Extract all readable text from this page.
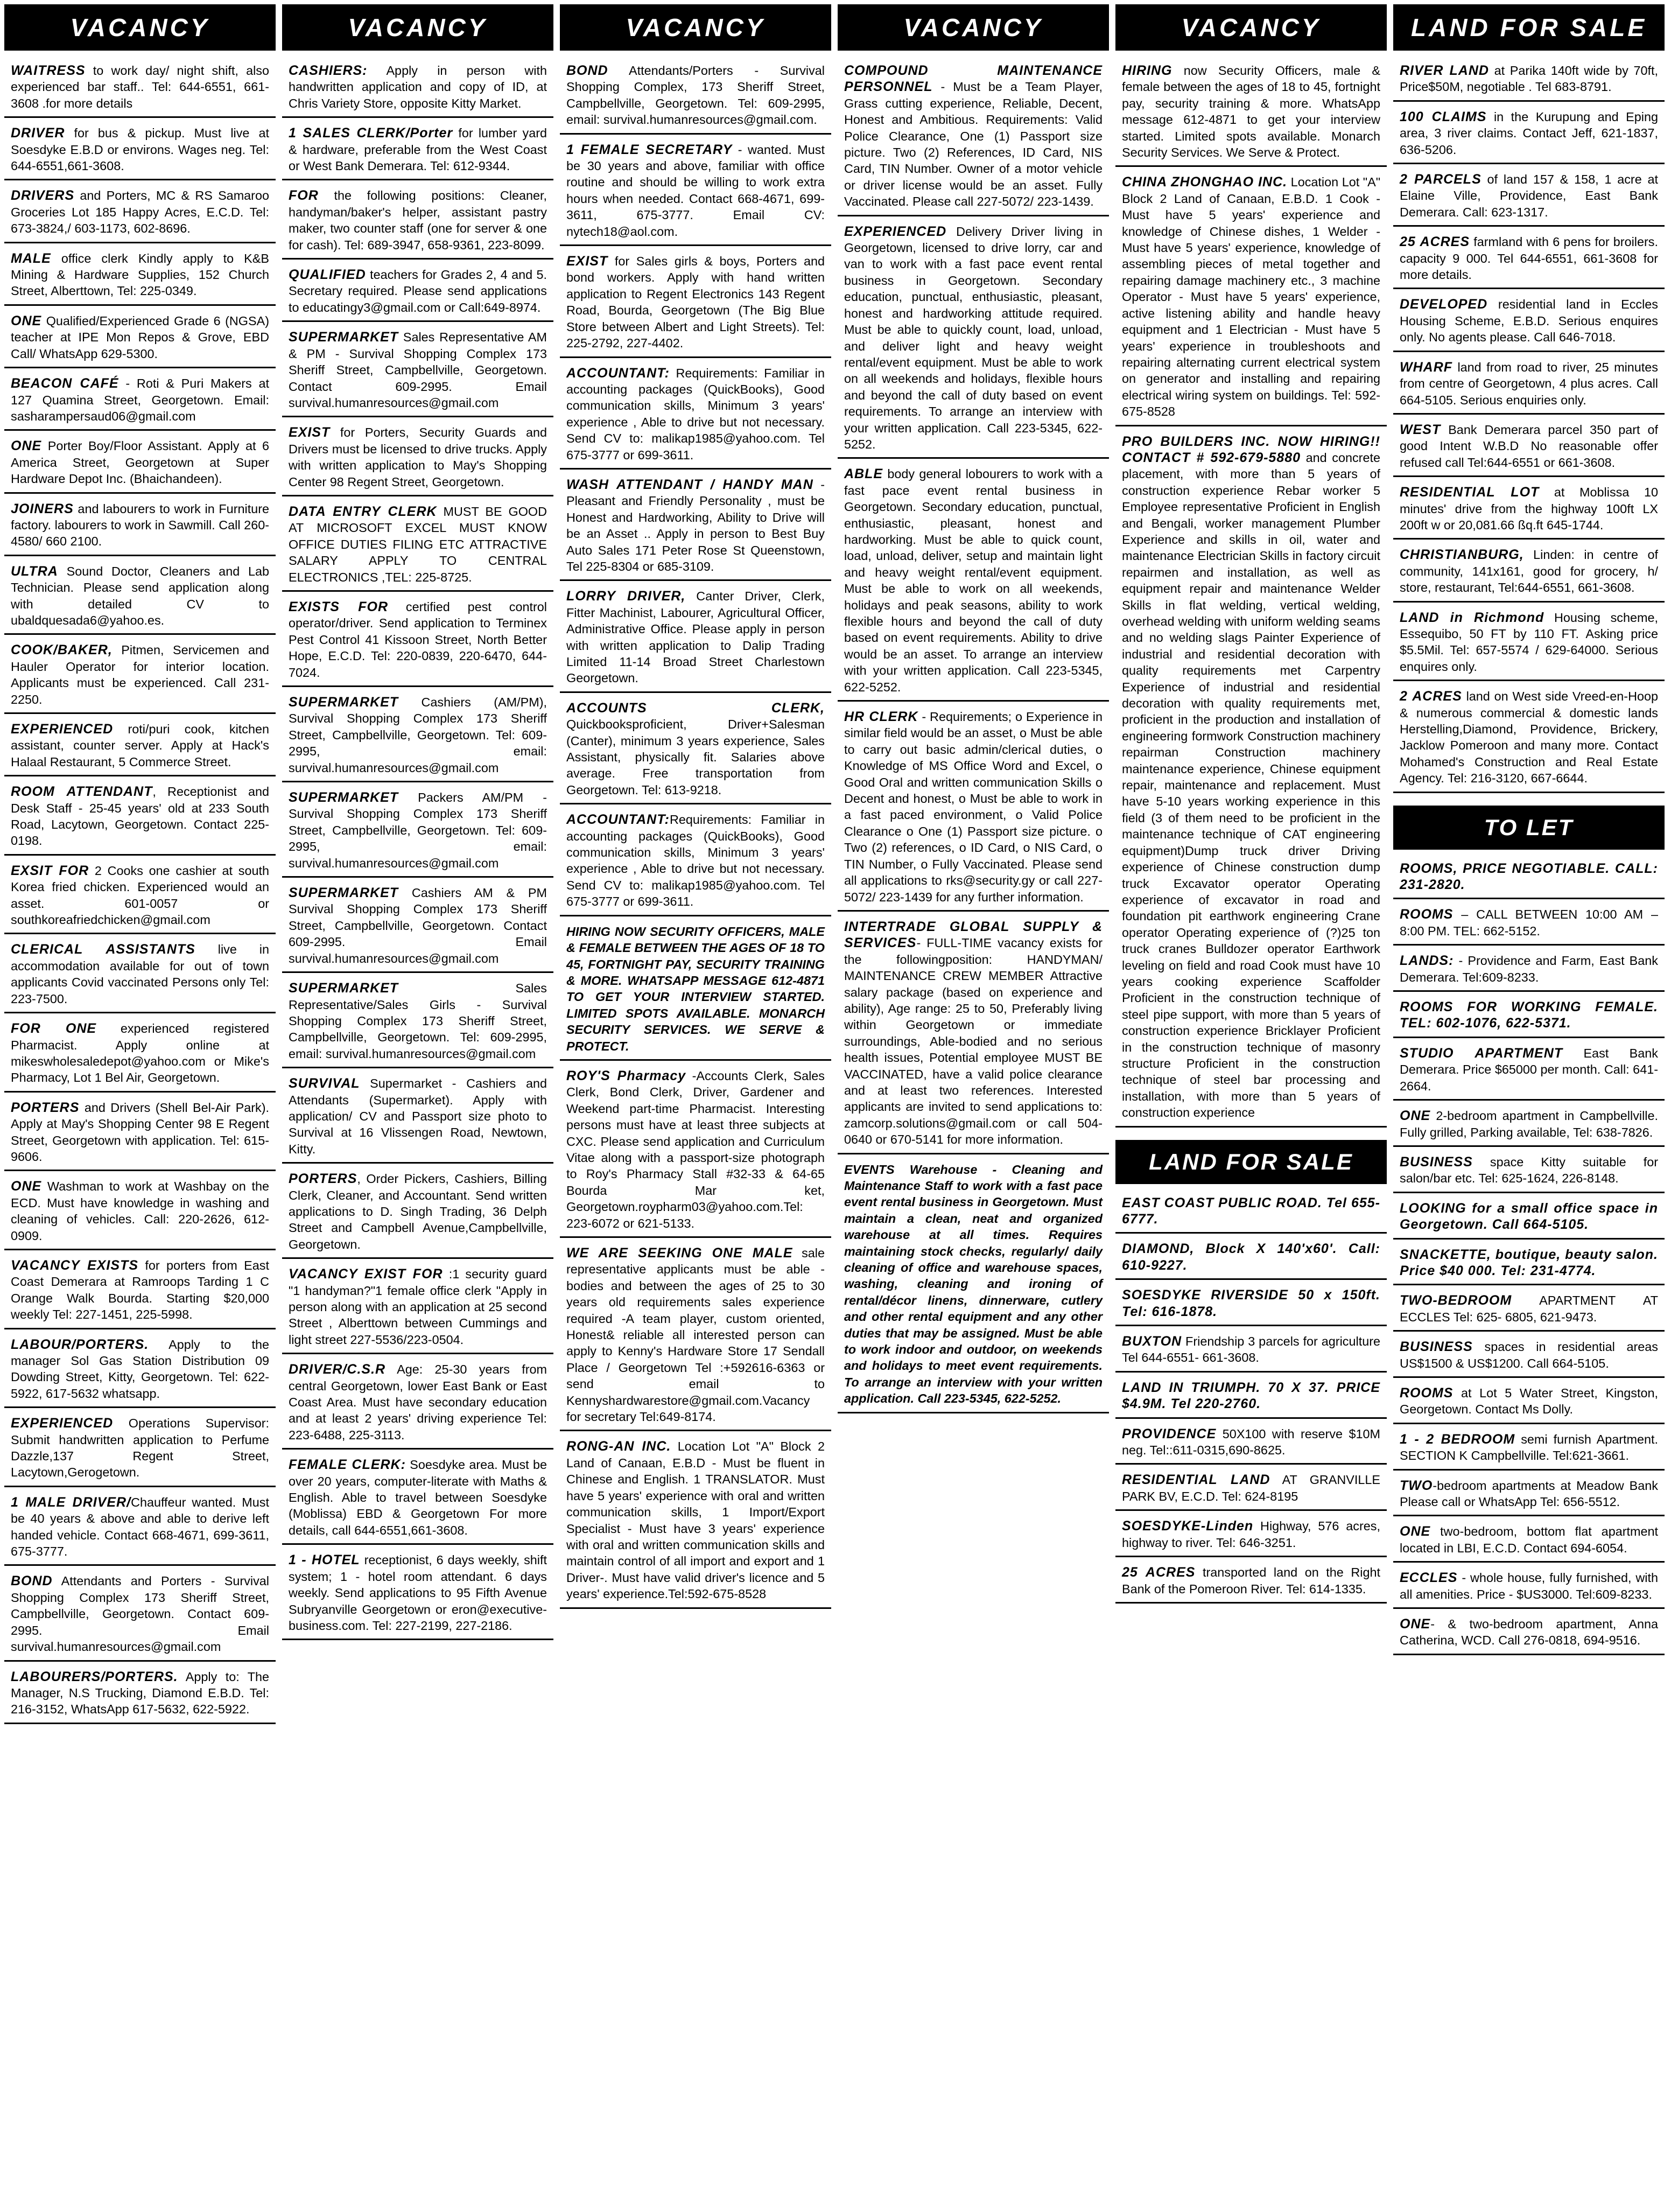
VACANCY
WAITRESS to work day/ night shift, also experienced bar staff.. Tel: 644-6551, 661-3608 .for more details
DRIVER for bus & pickup. Must live at Soesdyke E.B.D or environs. Wages neg. Tel: 644-6551,661-3608.
DRIVERS and Porters, MC & RS Samaroo Groceries Lot 185 Happy Acres, E.C.D. Tel: 673-3824,/ 603-1173, 602-8696.
MALE office clerk Kindly apply to K&B Mining & Hardware Supplies, 152 Church Street, Alberttown, Tel: 225-0349.
ONE Qualified/Experienced Grade 6 (NGSA) teacher at IPE Mon Repos & Grove, EBD Call/ WhatsApp 629-5300.
BEACON CAFÉ - Roti & Puri Makers at 127 Quamina Street, Georgetown. Email: sasharampersaud06@gmail.com
ONE Porter Boy/Floor Assistant. Apply at 6 America Street, Georgetown at Super Hardware Depot Inc. (Bhaichandeen).
JOINERS and labourers to work in Furniture factory. labourers to work in Sawmill. Call 260-4580/ 660 2100.
ULTRA Sound Doctor, Cleaners and Lab Technician. Please send application along with detailed CV to ubaldquesada6@yahoo.es.
COOK/BAKER, Pitmen, Servicemen and Hauler Operator for interior location. Applicants must be experienced. Call 231-2250.
EXPERIENCED roti/puri cook, kitchen assistant, counter server. Apply at Hack's Halaal Restaurant, 5 Commerce Street.
ROOM ATTENDANT, Receptionist and Desk Staff - 25-45 years' old at 233 South Road, Lacytown, Georgetown. Contact 225-0198.
EXSIT FOR 2 Cooks one cashier at south Korea fried chicken. Experienced would an asset. 601-0057 or southkoreafriedchicken@gmail.com
CLERICAL ASSISTANTS live in accommodation available for out of town applicants Covid vaccinated Persons only Tel: 223-7500.
FOR ONE experienced registered Pharmacist. Apply online at mikeswholesaledepot@yahoo.com or Mike's Pharmacy, Lot 1 Bel Air, Georgetown.
PORTERS and Drivers (Shell Bel-Air Park). Apply at May's Shopping Center 98 E Regent Street, Georgetown with application. Tel: 615-9606.
ONE Washman to work at Washbay on the ECD. Must have knowledge in washing and cleaning of vehicles. Call: 220-2626, 612-0909.
VACANCY EXISTS for porters from East Coast Demerara at Ramroops Tarding 1 C Orange Walk Bourda. Starting $20,000 weekly Tel: 227-1451, 225-5998.
LABOUR/PORTERS. Apply to the manager Sol Gas Station Distribution 09 Dowding Street, Kitty, Georgetown. Tel: 622-5922, 617-5632 whatsapp.
EXPERIENCED Operations Supervisor: Submit handwritten application to Perfume Dazzle,137 Regent Street, Lacytown,Gerogetown.
1 MALE DRIVER/Chauffeur wanted. Must be 40 years & above and able to derive left handed vehicle. Contact 668-4671, 699-3611, 675-3777.
BOND Attendants and Porters - Survival Shopping Complex 173 Sheriff Street, Campbellville, Georgetown. Contact 609-2995. Email survival.humanresources@gmail.com
LABOURERS/PORTERS. Apply to: The Manager, N.S Trucking, Diamond E.B.D. Tel: 216-3152, WhatsApp 617-5632, 622-5922.
VACANCY
CASHIERS: Apply in person with handwritten application and copy of ID, at Chris Variety Store, opposite Kitty Market.
1 SALES CLERK/Porter for lumber yard & hardware, preferable from the West Coast or West Bank Demerara. Tel: 612-9344.
FOR the following positions: Cleaner, handyman/baker's helper, assistant pastry maker, two counter staff (one for server & one for cash). Tel: 689-3947, 658-9361, 223-8099.
QUALIFIED teachers for Grades 2, 4 and 5. Secretary required. Please send applications to educatingy3@gmail.com or Call:649-8974.
SUPERMARKET Sales Representative AM & PM - Survival Shopping Complex 173 Sheriff Street, Campbellville, Georgetown. Contact 609-2995. Email survival.humanresources@gmail.com
EXIST for Porters, Security Guards and Drivers must be licensed to drive trucks. Apply with written application to May's Shopping Center 98 Regent Street, Georgetown.
DATA ENTRY CLERK MUST BE GOOD AT MICROSOFT EXCEL MUST KNOW OFFICE DUTIES FILING ETC ATTRACTIVE SALARY APPLY TO CENTRAL ELECTRONICS ,TEL: 225-8725.
EXISTS FOR certified pest control operator/driver. Send application to Terminex Pest Control 41 Kissoon Street, North Better Hope, E.C.D. Tel: 220-0839, 220-6470, 644-7024.
SUPERMARKET Cashiers (AM/PM), Survival Shopping Complex 173 Sheriff Street, Campbellville, Georgetown. Tel: 609-2995, email: survival.humanresources@gmail.com
SUPERMARKET Packers AM/PM - Survival Shopping Complex 173 Sheriff Street, Campbellville, Georgetown. Tel: 609-2995, email: survival.humanresources@gmail.com
SUPERMARKET Cashiers AM & PM Survival Shopping Complex 173 Sheriff Street, Campbellville, Georgetown. Contact 609-2995. Email survival.humanresources@gmail.com
SUPERMARKET Sales Representative/Sales Girls - Survival Shopping Complex 173 Sheriff Street, Campbellville, Georgetown. Tel: 609-2995, email: survival.humanresources@gmail.com
SURVIVAL Supermarket - Cashiers and Attendants (Supermarket). Apply with application/ CV and Passport size photo to Survival at 16 Vlissengen Road, Newtown, Kitty.
PORTERS, Order Pickers, Cashiers, Billing Clerk, Cleaner, and Accountant. Send written applications to D. Singh Trading, 36 Delph Street and Campbell Avenue,Campbellville, Georgetown.
VACANCY EXIST FOR :1 security guard "1 handyman?"1 female office clerk "Apply in person along with an application at 25 second Street , Alberttown between Cummings and light street 227-5536/223-0504.
DRIVER/C.S.R Age: 25-30 years from central Georgetown, lower East Bank or East Coast Area. Must have secondary education and at least 2 years' driving experience Tel: 223-6488, 225-3113.
FEMALE CLERK: Soesdyke area. Must be over 20 years, computer-literate with Maths & English. Able to travel between Soesdyke (Moblissa) EBD & Georgetown For more details, call 644-6551,661-3608.
1 - HOTEL receptionist, 6 days weekly, shift system; 1 - hotel room attendant. 6 days weekly. Send applications to 95 Fifth Avenue Subryanville Georgetown or eron@executive-business.com. Tel: 227-2199, 227-2186.
VACANCY
BOND Attendants/Porters - Survival Shopping Complex, 173 Sheriff Street, Campbellville, Georgetown. Tel: 609-2995, email: survival.humanresources@gmail.com.
1 FEMALE SECRETARY - wanted. Must be 30 years and above, familiar with office routine and should be willing to work extra hours when needed. Contact 668-4671, 699-3611, 675-3777. Email CV: nytech18@aol.com.
EXIST for Sales girls & boys, Porters and bond workers. Apply with hand written application to Regent Electronics 143 Regent Road, Bourda, Georgetown (The Big Blue Store between Albert and Light Streets). Tel: 225-2792, 227-4402.
ACCOUNTANT: Requirements: Familiar in accounting packages (QuickBooks), Good communication skills, Minimum 3 years' experience , Able to drive but not necessary. Send CV to: malikap1985@yahoo.com. Tel 675-3777 or 699-3611.
WASH ATTENDANT / HANDY MAN - Pleasant and Friendly Personality , must be Honest and Hardworking, Ability to Drive will be an Asset .. Apply in person to Best Buy Auto Sales 171 Peter Rose St Queenstown, Tel 225-8304 or 685-3109.
LORRY DRIVER, Canter Driver, Clerk, Fitter Machinist, Labourer, Agricultural Officer, Administrative Office. Please apply in person with written application to Dalip Trading Limited 11-14 Broad Street Charlestown Georgetown.
ACCOUNTS CLERK, Quickbooksproficient, Driver+Salesman (Canter), minimum 3 years experience, Sales Assistant, physically fit. Salaries above average. Free transportation from Georgetown. Tel: 613-9218.
ACCOUNTANT:Requirements: Familiar in accounting packages (QuickBooks), Good communication skills, Minimum 3 years' experience , Able to drive but not necessary. Send CV to: malikap1985@yahoo.com. Tel 675-3777 or 699-3611.
HIRING NOW SECURITY OFFICERS, MALE & FEMALE BETWEEN THE AGES OF 18 TO 45, FORTNIGHT PAY, SECURITY TRAINING & MORE. WHATSAPP MESSAGE 612-4871 TO GET YOUR INTERVIEW STARTED. LIMITED SPOTS AVAILABLE. MONARCH SECURITY SERVICES. WE SERVE & PROTECT.
ROY'S Pharmacy -Accounts Clerk, Sales Clerk, Bond Clerk, Driver, Gardener and Weekend part-time Pharmacist. Interesting persons must have at least three subjects at CXC. Please send application and Curriculum Vitae along with a passport-size photograph to Roy's Pharmacy Stall #32-33 & 64-65 Bourda Mar ket, Georgetown.roypharm03@yahoo.com.Tel: 223-6072 or 621-5133.
WE ARE SEEKING ONE MALE sale representative applicants must be able -bodies and between the ages of 25 to 30 years old requirements sales experience required -A team player, custom oriented, Honest& reliable all interested person can apply to Kenny's Hardware Store 17 Sendall Place / Georgetown Tel :+592616-6363 or send email to Kennyshardwarestore@gmail.com.Vacancy for secretary Tel:649-8174.
RONG-AN INC. Location Lot "A" Block 2 Land of Canaan, E.B.D - Must be fluent in Chinese and English. 1 TRANSLATOR. Must have 5 years' experience with oral and written communication skills, 1 Import/Export Specialist - Must have 3 years' experience with oral and written communication skills and maintain control of all import and export and 1 Driver-. Must have valid driver's licence and 5 years' experience.Tel:592-675-8528
VACANCY
COMPOUND MAINTENANCE PERSONNEL - Must be a Team Player, Grass cutting experience, Reliable, Decent, Honest and Ambitious. Requirements: Valid Police Clearance, One (1) Passport size picture. Two (2) References, ID Card, NIS Card, TIN Number. Owner of a motor vehicle or driver license would be an asset. Fully Vaccinated. Please call 227-5072/ 223-1439.
EXPERIENCED Delivery Driver living in Georgetown, licensed to drive lorry, car and van to work with a fast pace event rental business in Georgetown. Secondary education, punctual, enthusiastic, pleasant, honest and hardworking attitude required. Must be able to quickly count, load, unload, and deliver light and heavy weight rental/event equipment. Must be able to work on all weekends and holidays, flexible hours and beyond the call of duty based on event requirements. To arrange an interview with your written application. Call 223-5345, 622-5252.
ABLE body general lobourers to work with a fast pace event rental business in Georgetown. Secondary education, punctual, enthusiastic, pleasant, honest and hardworking. Must be able to quick count, load, unload, deliver, setup and maintain light and heavy weight rental/event equipment. Must be able to work on all weekends, holidays and peak seasons, ability to work flexible hours and beyond the call of duty based on event requirements. Ability to drive would be an asset. To arrange an interview with your written application. Call 223-5345, 622-5252.
HR CLERK - Requirements; o Experience in similar field would be an asset, o Must be able to carry out basic admin/clerical duties, o Knowledge of MS Office Word and Excel, o Good Oral and written communication Skills o Decent and honest, o Must be able to work in a fast paced environment, o Valid Police Clearance o One (1) Passport size picture. o Two (2) references, o ID Card, o NIS Card, o TIN Number, o Fully Vaccinated. Please send all applications to rks@security.gy or call 227-5072/ 223-1439 for any further information.
INTERTRADE GLOBAL SUPPLY & SERVICES- FULL-TIME vacancy exists for the followingposition: HANDYMAN/ MAINTENANCE CREW MEMBER Attractive salary package (based on experience and ability), Age range: 25 to 50, Preferably living within Georgetown or immediate surroundings, Able-bodied and no serious health issues, Potential employee MUST BE VACCINATED, have a valid police clearance and at least two references. Interested applicants are invited to send applications to: zamcorp.solutions@gmail.com or call 504-0640 or 670-5141 for more information.
EVENTS Warehouse - Cleaning and Maintenance Staff to work with a fast pace event rental business in Georgetown. Must maintain a clean, neat and organized warehouse at all times. Requires maintaining stock checks, regularly/ daily cleaning of office and warehouse spaces, washing, cleaning and ironing of rental/décor linens, dinnerware, cutlery and other rental equipment and any other duties that may be assigned. Must be able to work indoor and outdoor, on weekends and holidays to meet event requirements. To arrange an interview with your written application. Call 223-5345, 622-5252.
VACANCY
HIRING now Security Officers, male & female between the ages of 18 to 45, fortnight pay, security training & more. WhatsApp message 612-4871 to get your interview started. Limited spots available. Monarch Security Services. We Serve & Protect.
CHINA ZHONGHAO INC. Location Lot "A" Block 2 Land of Canaan, E.B.D. 1 Cook - Must have 5 years' experience and knowledge of Chinese dishes, 1 Welder - Must have 5 years' experience, knowledge of assembling pieces of metal together and repairing damage machinery etc., 3 machine Operator - Must have 5 years' experience, active listening ability and handle heavy equipment and 1 Electrician - Must have 5 years' experience in troubleshoots and repairing alternating current electrical system on generator and installing and repairing electrical wiring system on buildings. Tel: 592-675-8528
PRO BUILDERS INC. NOW HIRING!! CONTACT # 592-679-5880 and concrete placement, with more than 5 years of construction experience Rebar worker 5 Employee representative Proficient in English and Bengali, worker management Plumber Experience and skills in oil, water and maintenance Electrician Skills in factory circuit repairmen and installation, as well as equipment repair and maintenance Welder Skills in flat welding, vertical welding, overhead welding with uniform welding seams and no welding slags Painter Experience of industrial and residential decoration with quality requirements met Carpentry Experience of industrial and residential decoration with quality requirements met, proficient in the production and installation of engineering formwork Construction machinery repairman Construction machinery maintenance experience, Chinese equipment repair, maintenance and replacement. Must have 5-10 years working experience in this field (3 of them need to be proficient in the maintenance technique of CAT engineering equipment)Dump truck driver Driving experience of Chinese construction dump truck Excavator operator Operating experience of excavator in road and foundation pit earthwork engineering Crane operator Operating experience of (?)25 ton truck cranes Bulldozer operator Earthwork leveling on field and road Cook must have 10 years cooking experience Scaffolder Proficient in the construction technique of steel pipe support, with more than 5 years of construction experience Bricklayer Proficient in the construction technique of masonry structure Proficient in the construction technique of steel bar processing and installation, with more than 5 years of construction experience
LAND FOR SALE
EAST COAST PUBLIC ROAD. Tel 655-6777.
DIAMOND, Block X 140'x60'. Call: 610-9227.
SOESDYKE RIVERSIDE 50 x 150ft. Tel: 616-1878.
BUXTON Friendship 3 parcels for agriculture Tel 644-6551- 661-3608.
LAND IN TRIUMPH. 70 X 37. PRICE $4.9M. Tel 220-2760.
PROVIDENCE 50X100 with reserve $10M neg. Tel::611-0315,690-8625.
RESIDENTIAL LAND AT GRANVILLE PARK BV, E.C.D. Tel: 624-8195
SOESDYKE-Linden Highway, 576 acres, highway to river. Tel: 646-3251.
25 ACRES transported land on the Right Bank of the Pomeroon River. Tel: 614-1335.
LAND FOR SALE
RIVER LAND at Parika 140ft wide by 70ft, Price$50M, negotiable . Tel 683-8791.
100 CLAIMS in the Kurupung and Eping area, 3 river claims. Contact Jeff, 621-1837, 636-5206.
2 PARCELS of land 157 & 158, 1 acre at Elaine Ville, Providence, East Bank Demerara. Call: 623-1317.
25 ACRES farmland with 6 pens for broilers. capacity 9 000. Tel 644-6551, 661-3608 for more details.
DEVELOPED residential land in Eccles Housing Scheme, E.B.D. Serious enquires only. No agents please. Call 646-7018.
WHARF land from road to river, 25 minutes from centre of Georgetown, 4 plus acres. Call 664-5105. Serious enquiries only.
WEST Bank Demerara parcel 350 part of good Intent W.B.D No reasonable offer refused call Tel:644-6551 or 661-3608.
RESIDENTIAL LOT at Moblissa 10 minutes' drive from the highway 100ft LX 200ft w or 20,081.66 ßq.ft 645-1744.
CHRISTIANBURG, Linden: in centre of community, 141x161, good for grocery, h/ store, restaurant, Tel:644-6551, 661-3608.
LAND in Richmond Housing scheme, Essequibo, 50 FT by 110 FT. Asking price $5.5Mil. Tel: 657-5574 / 629-64000. Serious enquires only.
2 ACRES land on West side Vreed-en-Hoop & numerous commercial & domestic lands Herstelling,Diamond, Providence, Brickery, Jacklow Pomeroon and many more. Contact Mohamed's Construction and Real Estate Agency. Tel: 216-3120, 667-6644.
TO LET
ROOMS, PRICE NEGOTIABLE. CALL: 231-2820.
ROOMS – CALL BETWEEN 10:00 AM – 8:00 PM. TEL: 662-5152.
LANDS: - Providence and Farm, East Bank Demerara. Tel:609-8233.
ROOMS FOR WORKING FEMALE. TEL: 602-1076, 622-5371.
STUDIO APARTMENT East Bank Demerara. Price $65000 per month. Call: 641-2664.
ONE 2-bedroom apartment in Campbellville. Fully grilled, Parking available, Tel: 638-7826.
BUSINESS space Kitty suitable for salon/bar etc. Tel: 625-1624, 226-8148.
LOOKING for a small office space in Georgetown. Call 664-5105.
SNACKETTE, boutique, beauty salon. Price $40 000. Tel: 231-4774.
TWO-BEDROOM APARTMENT AT ECCLES Tel: 625- 6805, 621-9473.
BUSINESS spaces in residential areas US$1500 & US$1200. Call 664-5105.
ROOMS at Lot 5 Water Street, Kingston, Georgetown. Contact Ms Dolly.
1 - 2 BEDROOM semi furnish Apartment. SECTION K Campbellville. Tel:621-3661.
TWO-bedroom apartments at Meadow Bank Please call or WhatsApp Tel: 656-5512.
ONE two-bedroom, bottom flat apartment located in LBI, E.C.D. Contact 694-6054.
ECCLES - whole house, fully furnished, with all amenities. Price - $US3000. Tel:609-8233.
ONE- & two-bedroom apartment, Anna Catherina, WCD. Call 276-0818, 694-9516.
